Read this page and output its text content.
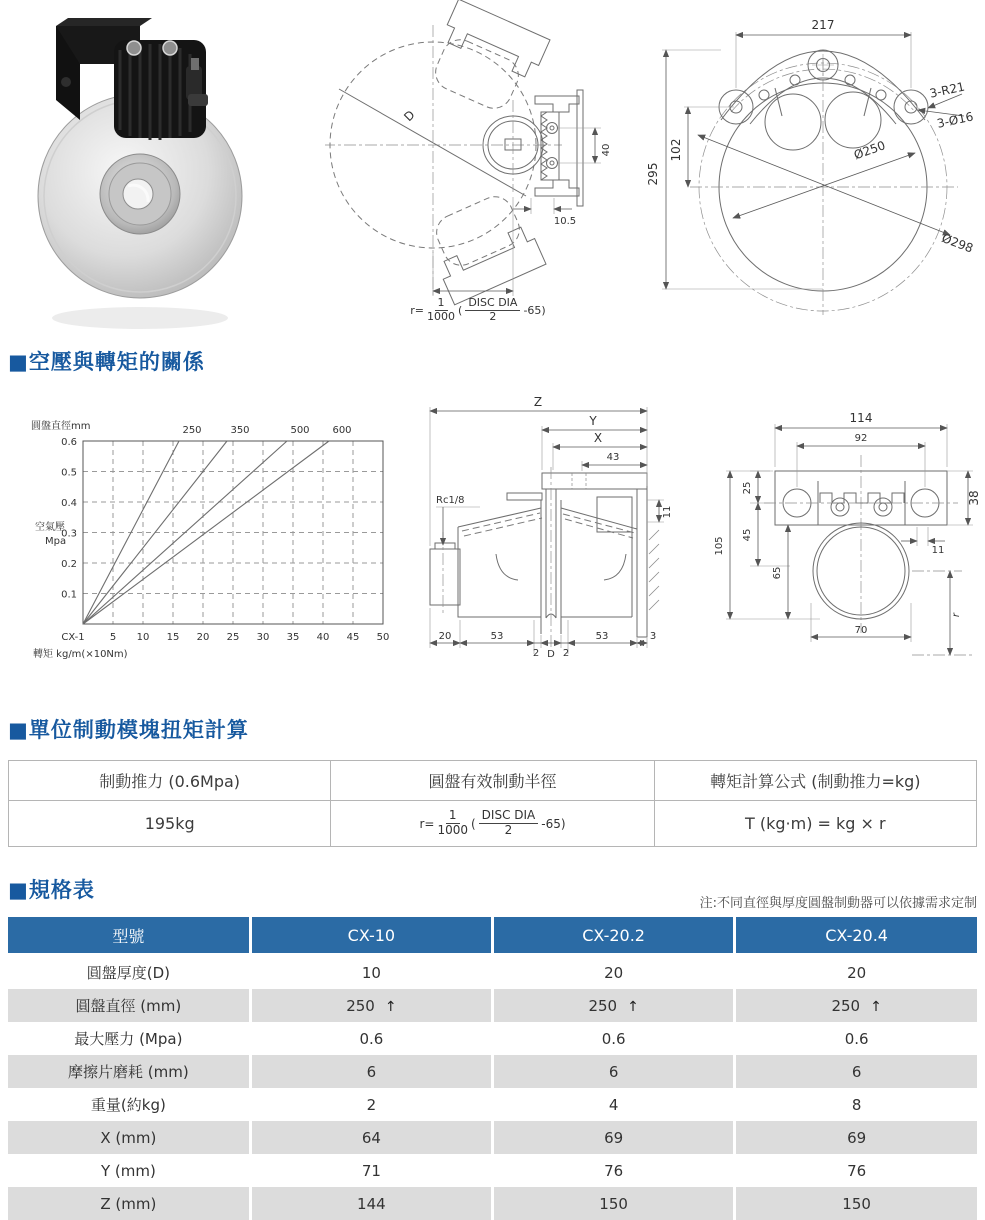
D
40
10.5
$r= \frac{1}{1000}$ ( $\frac{\text{DISC DIA}}{2} -65$)
217
295
102	Ø250
Ø298
3-R21
3-Ø16
■空壓與轉矩的關係
250	350	500 600
0.1
0.2
0.3
0.4
0.5
0.6
CX-1	5 10 15 20 25 30 35 40 45 50
圓盤直徑mm
空氣壓
Mpa
轉矩 kg/m(×10Nm)
Rc1/8
Z
Y
X
43
11
20	53	53	3
2 D 2
114
92
25
45
105
65
38
11
70
r
■單位制動模塊扭矩計算
制動推力 (0.6Mpa)	圓盤有效制動半徑	轉矩計算公式 (制動推力=kg)
195kg	$r= \frac{1}{1000}$ ( $\frac{\text{DISC DIA}}{2} -65$)	T (kg·m) = kg × r
■規格表
注:不同直徑與厚度圓盤制動器可以依據需求定制
型號	CX-10	CX-20.2	CX-20.4
圓盤厚度(D)	10	20	20
圓盤直徑 (mm)	250 ↑	250 ↑	250 ↑
最大壓力 (Mpa)	0.6	0.6	0.6
摩擦片磨耗 (mm)	6	6	6
重量(約kg)	2	4	8
X (mm)	64	69	69
Y (mm)	71	76	76
Z (mm)	144	150	150
